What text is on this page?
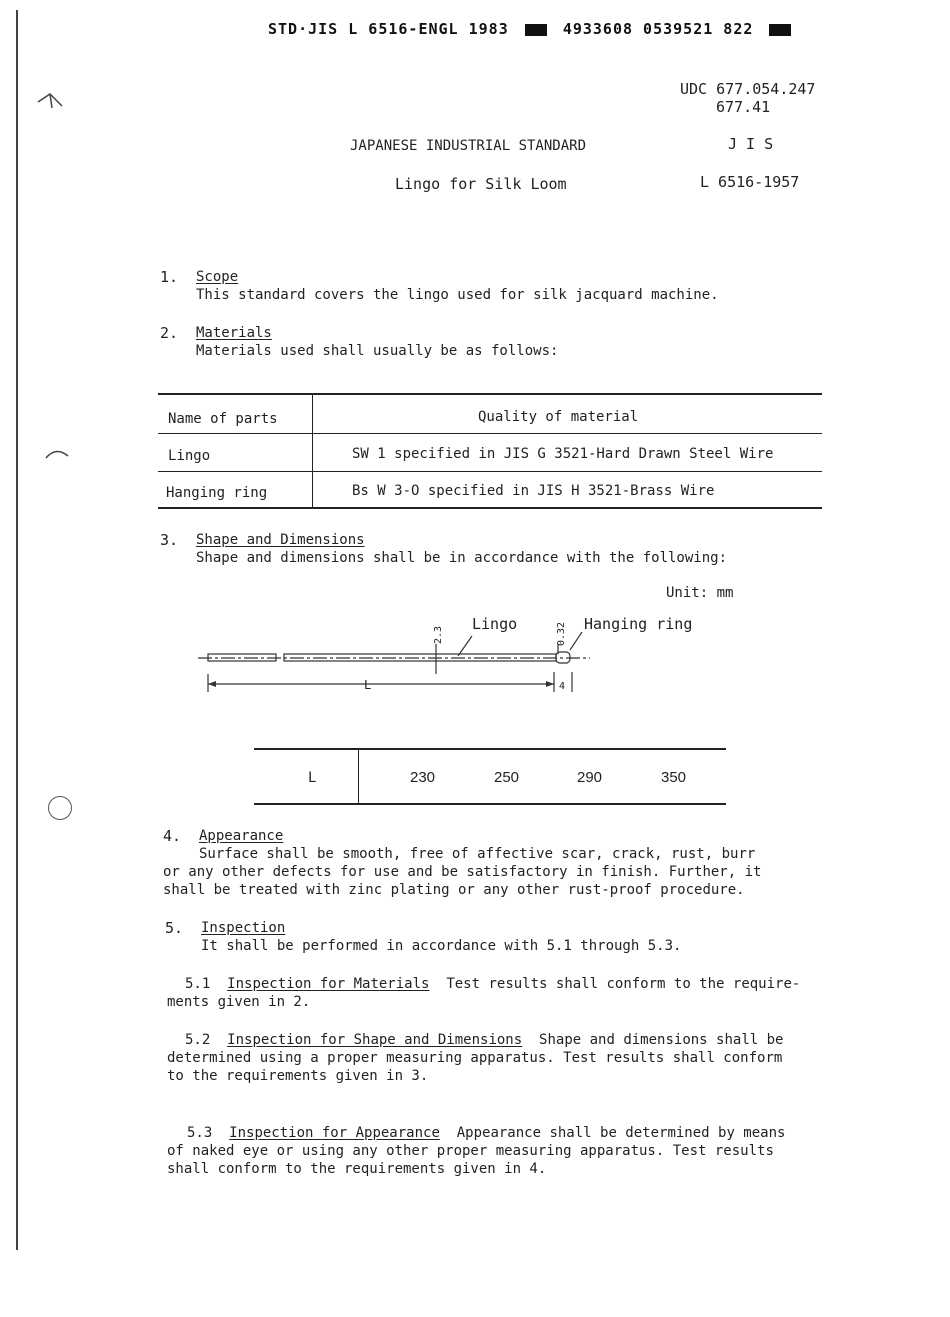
STD·JIS L 6516-ENGL 1983	4933608 0539521 822
UDC 677.054.247
677.41
JAPANESE INDUSTRIAL STANDARD	J I S
Lingo for Silk Loom	L 6516-1957
1. Scope
This standard covers the lingo used for silk jacquard machine.
2. Materials
Materials used shall usually be as follows:
Name of parts	Quality of material
Lingo	SW 1 specified in JIS G 3521-Hard Drawn Steel Wire
Hanging ring	Bs W 3-O specified in JIS H 3521-Brass Wire
3. Shape and Dimensions
Shape and dimensions shall be in accordance with the following:
Unit: mm
L	4
2.3	0.32
Lingo	Hanging ring
L	230	250	290	350
4. Appearance
Surface shall be smooth, free of affective scar, crack, rust, burr
or any other defects for use and be satisfactory in finish. Further, it
shall be treated with zinc plating or any other rust-proof procedure.
5. Inspection
It shall be performed in accordance with 5.1 through 5.3.
5.1 Inspection for Materials Test results shall conform to the require-
ments given in 2.
5.2 Inspection for Shape and Dimensions Shape and dimensions shall be
determined using a proper measuring apparatus. Test results shall conform
to the requirements given in 3.
5.3 Inspection for Appearance Appearance shall be determined by means
of naked eye or using any other proper measuring apparatus. Test results
shall conform to the requirements given in 4.
